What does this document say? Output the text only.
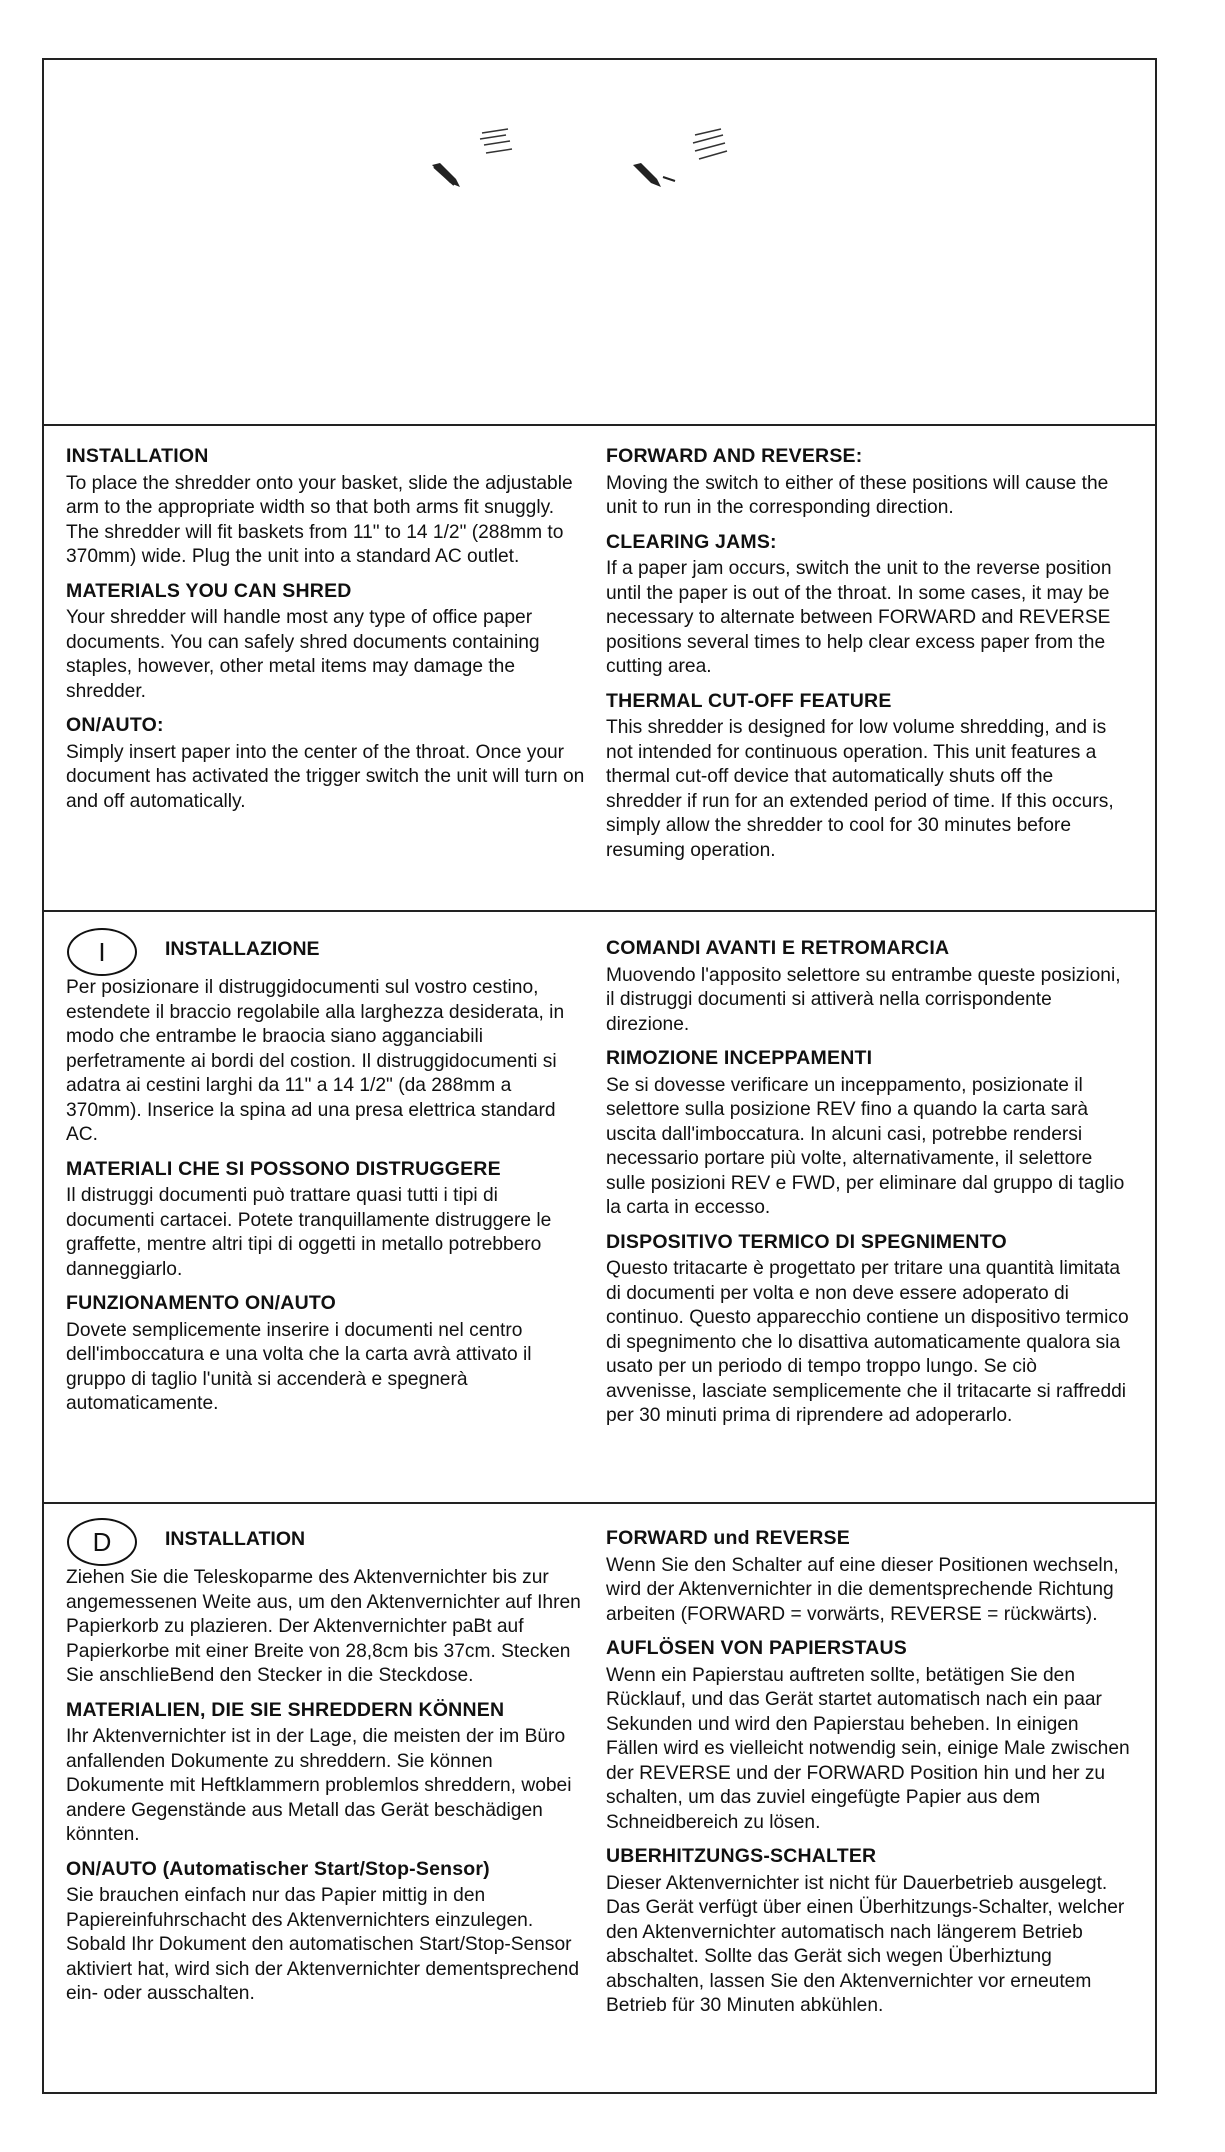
INSTALLATION

To place the shredder onto your basket, slide the adjustable arm to the appropriate width so that both arms fit snuggly. The shredder will fit baskets from 11" to 14 1/2" (288mm to 370mm) wide. Plug the unit into a standard AC outlet.

MATERIALS YOU CAN SHRED

Your shredder will handle most any type of office paper documents. You can safely shred documents containing staples, however, other metal items may damage the shredder.

ON/AUTO:

Simply insert paper into the center of the throat. Once your document has activated the trigger switch the unit will turn on and off automatically.

FORWARD AND REVERSE:

Moving the switch to either of these positions will cause the unit to run in the corresponding direction.

CLEARING JAMS:

If a paper jam occurs, switch the unit to the reverse position until the paper is out of the throat. In some cases, it may be necessary to alternate between FORWARD and REVERSE positions several times to help clear excess paper from the cutting area.

THERMAL CUT-OFF FEATURE

This shredder is designed for low volume shredding, and is not intended for continuous operation. This unit features a thermal cut-off device that automatically shuts off the shredder if run for an extended period of time. If this occurs, simply allow the shredder to cool for 30 minutes before resuming operation.

I	INSTALLAZIONE

Per posizionare il distruggidocumenti sul vostro cestino, estendete il braccio regolabile alla larghezza desiderata, in modo che entrambe le braocia siano agganciabili perfetramente ai bordi del costion. Il distruggidocumenti si adatra ai cestini larghi da 11" a 14 1/2" (da 288mm a 370mm). Inserice la spina ad una presa elettrica standard AC.

MATERIALI CHE SI POSSONO DISTRUGGERE

Il distruggi documenti può trattare quasi tutti i tipi di documenti cartacei. Potete tranquillamente distruggere le graffette, mentre altri tipi di oggetti in metallo potrebbero danneggiarlo.

FUNZIONAMENTO ON/AUTO

Dovete semplicemente inserire i documenti nel centro dell'imboccatura e una volta che la carta avrà attivato il gruppo di taglio l'unità si accenderà e spegnerà automaticamente.

COMANDI AVANTI E RETROMARCIA

Muovendo l'apposito selettore su entrambe queste posizioni, il distruggi documenti si attiverà nella corrispondente direzione.

RIMOZIONE INCEPPAMENTI

Se si dovesse verificare un inceppamento, posizionate il selettore sulla posizione REV fino a quando la carta sarà uscita dall'imboccatura. In alcuni casi, potrebbe rendersi necessario portare più volte, alternativamente, il selettore sulle posizioni REV e FWD, per eliminare dal gruppo di taglio la carta in eccesso.

DISPOSITIVO TERMICO DI SPEGNIMENTO

Questo tritacarte è progettato per tritare una quantità limitata di documenti per volta e non deve essere adoperato di continuo. Questo apparecchio contiene un dispositivo termico di spegnimento che lo disattiva automaticamente qualora sia usato per un periodo di tempo troppo lungo. Se ciò avvenisse, lasciate semplicemente che il tritacarte si raffreddi per 30 minuti prima di riprendere ad adoperarlo.

D	INSTALLATION

Ziehen Sie die Teleskoparme des Aktenvernichter bis zur angemessenen Weite aus, um den Aktenvernichter auf Ihren Papierkorb zu plazieren. Der Aktenvernichter paBt auf Papierkorbe mit einer Breite von 28,8cm bis 37cm. Stecken Sie anschlieBend den Stecker in die Steckdose.

MATERIALIEN, DIE SIE SHREDDERN KÖNNEN

Ihr Aktenvernichter ist in der Lage, die meisten der im Büro anfallenden Dokumente zu shreddern. Sie können Dokumente mit Heftklammern problemlos shreddern, wobei andere Gegenstände aus Metall das Gerät beschädigen könnten.

ON/AUTO (Automatischer Start/Stop-Sensor)

Sie brauchen einfach nur das Papier mittig in den Papiereinfuhrschacht des Aktenvernichters einzulegen. Sobald Ihr Dokument den automatischen Start/Stop-Sensor aktiviert hat, wird sich der Aktenvernichter dementsprechend ein- oder ausschalten.

FORWARD und REVERSE

Wenn Sie den Schalter auf eine dieser Positionen wechseln, wird der Aktenvernichter in die dementsprechende Richtung arbeiten (FORWARD = vorwärts, REVERSE = rückwärts).

AUFLÖSEN VON PAPIERSTAUS

Wenn ein Papierstau auftreten sollte, betätigen Sie den Rücklauf, und das Gerät startet automatisch nach ein paar Sekunden und wird den Papierstau beheben. In einigen Fällen wird es vielleicht notwendig sein, einige Male zwischen der REVERSE und der FORWARD Position hin und her zu schalten, um das zuviel eingefügte Papier aus dem Schneidbereich zu lösen.

UBERHITZUNGS-SCHALTER

Dieser Aktenvernichter ist nicht für Dauerbetrieb ausgelegt. Das Gerät verfügt über einen Überhitzungs-Schalter, welcher den Aktenvernichter automatisch nach längerem Betrieb abschaltet. Sollte das Gerät sich wegen Überhiztung abschalten, lassen Sie den Aktenvernichter vor erneutem Betrieb für 30 Minuten abkühlen.
